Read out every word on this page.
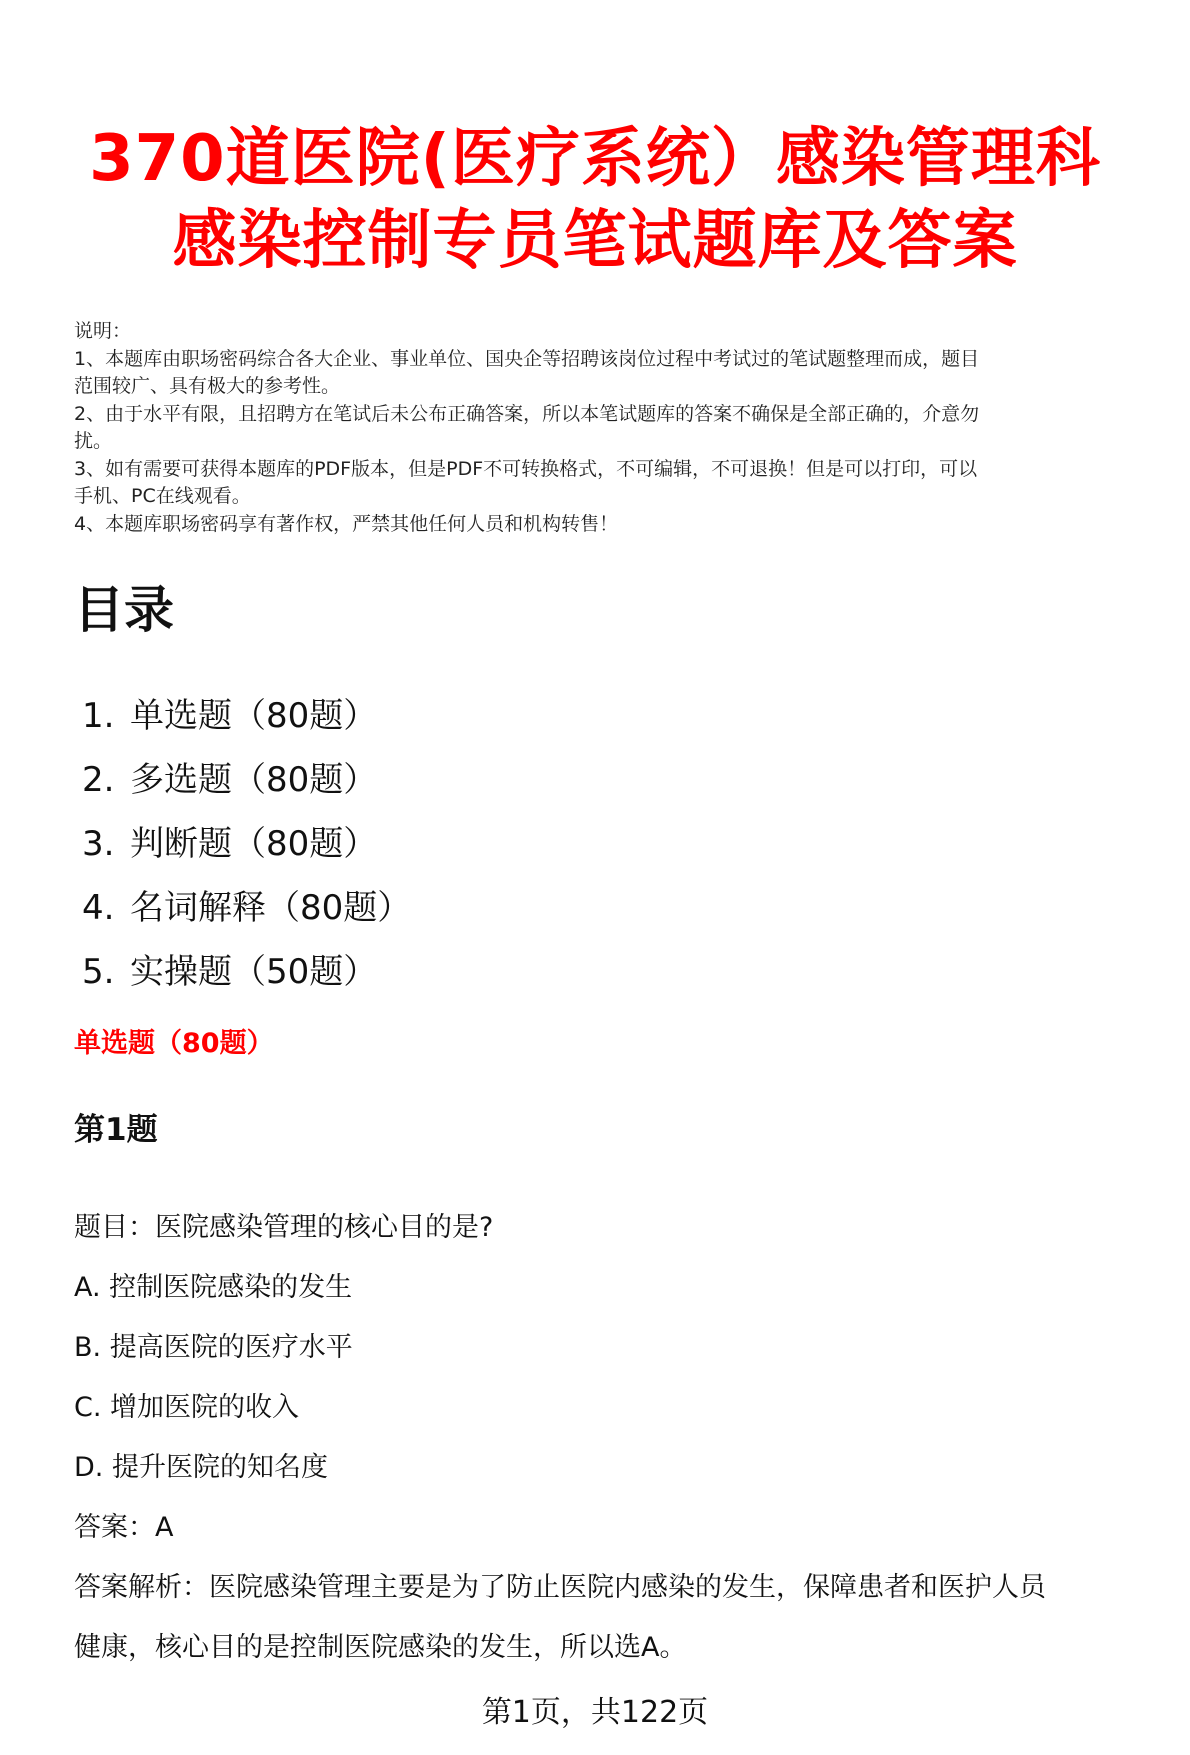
370道医院(医疗系统）感染管理科
感染控制专员笔试题库及答案
说明：
1、本题库由职场密码综合各大企业、事业单位、国央企等招聘该岗位过程中考试过的笔试题整理而成，题目
范围较广、具有极大的参考性。
2、由于水平有限，且招聘方在笔试后未公布正确答案，所以本笔试题库的答案不确保是全部正确的，介意勿
扰。
3、如有需要可获得本题库的PDF版本，但是PDF不可转换格式，不可编辑，不可退换！但是可以打印，可以
手机、PC在线观看。
4、本题库职场密码享有著作权，严禁其他任何人员和机构转售！
目录
1. 单选题（80题）
2. 多选题（80题）
3. 判断题（80题）
4. 名词解释（80题）
5. 实操题（50题）
单选题（80题）
第1题
题目：医院感染管理的核心目的是?
A. 控制医院感染的发生
B. 提高医院的医疗水平
C. 增加医院的收入
D. 提升医院的知名度
答案：A
答案解析：医院感染管理主要是为了防止医院内感染的发生，保障患者和医护人员
健康，核心目的是控制医院感染的发生，所以选A。
第1页，共122页
